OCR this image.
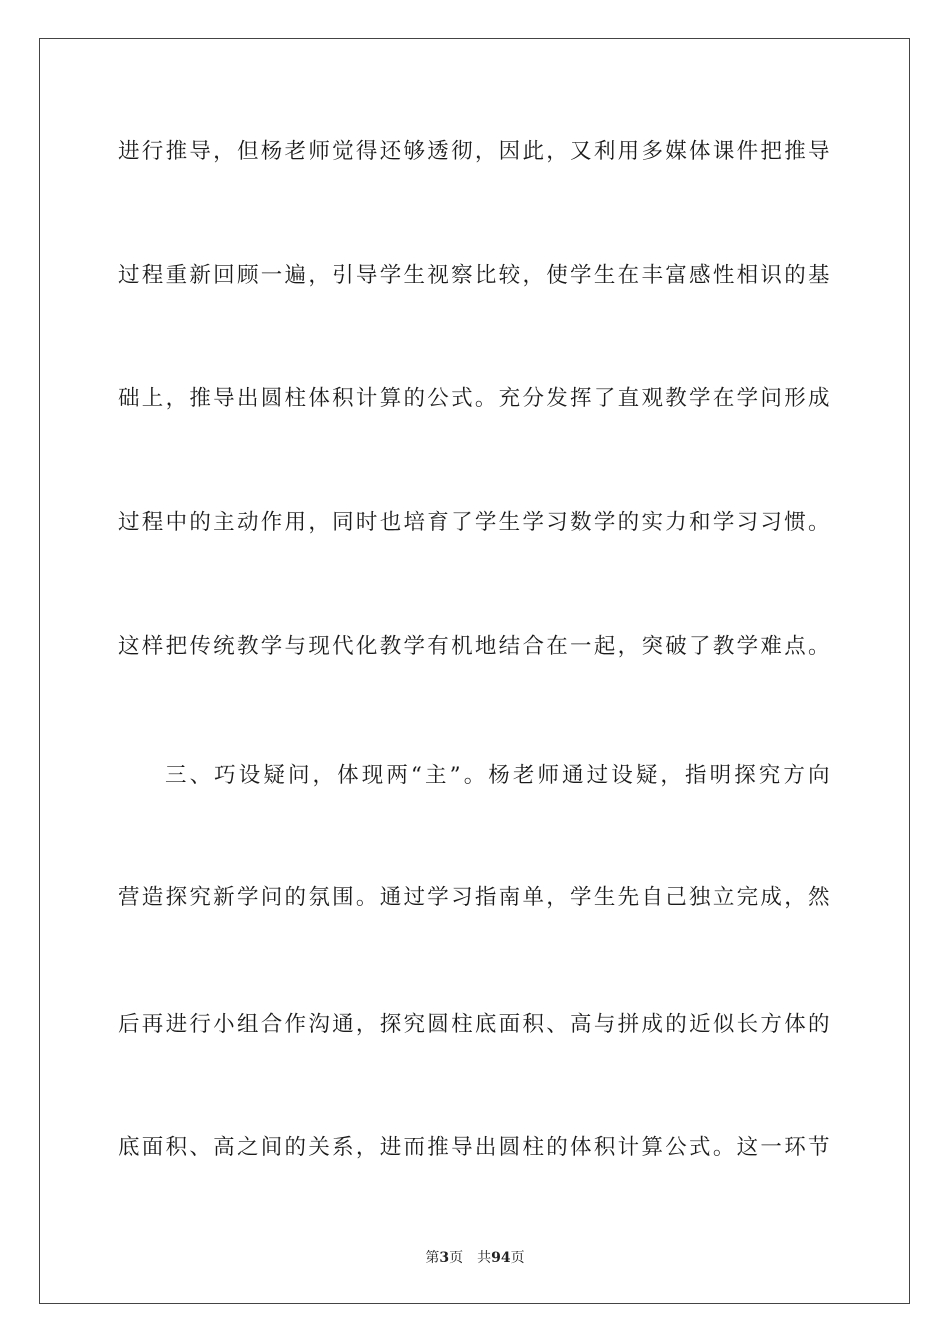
进行推导，但杨老师觉得还够透彻，因此，又利用多媒体课件把推导
过程重新回顾一遍，引导学生视察比较，使学生在丰富感性相识的基
础上，推导出圆柱体积计算的公式。充分发挥了直观教学在学问形成
过程中的主动作用，同时也培育了学生学习数学的实力和学习习惯。
这样把传统教学与现代化教学有机地结合在一起，突破了教学难点。
三、巧设疑问，体现两“主”。杨老师通过设疑，指明探究方向
营造探究新学问的氛围。通过学习指南单，学生先自己独立完成，然
后再进行小组合作沟通，探究圆柱底面积、高与拼成的近似长方体的
底面积、高之间的关系，进而推导出圆柱的体积计算公式。这一环节
第3页 共94页
